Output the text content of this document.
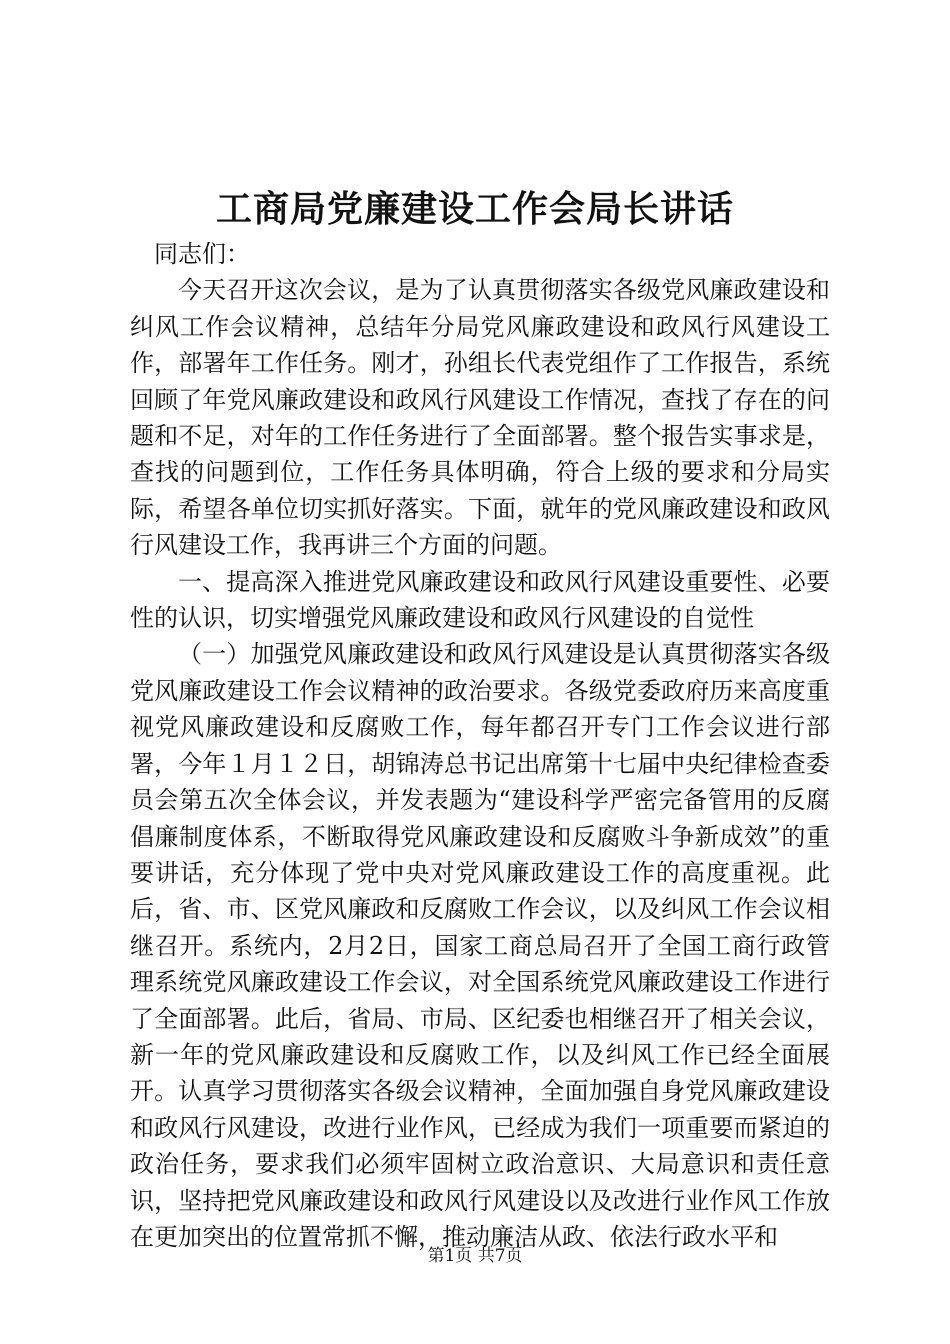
工商局党廉建设工作会局长讲话

同志们：

今天召开这次会议，是为了认真贯彻落实各级党风廉政建设和纠风工作会议精神，总结年分局党风廉政建设和政风行风建设工作，部署年工作任务。刚才，孙组长代表党组作了工作报告，系统回顾了年党风廉政建设和政风行风建设工作情况，查找了存在的问题和不足，对年的工作任务进行了全面部署。整个报告实事求是，查找的问题到位，工作任务具体明确，符合上级的要求和分局实际，希望各单位切实抓好落实。下面，就年的党风廉政建设和政风行风建设工作，我再讲三个方面的问题。

一、提高深入推进党风廉政建设和政风行风建设重要性、必要性的认识，切实增强党风廉政建设和政风行风建设的自觉性

（一）加强党风廉政建设和政风行风建设是认真贯彻落实各级党风廉政建设工作会议精神的政治要求。各级党委政府历来高度重视党风廉政建设和反腐败工作，每年都召开专门工作会议进行部署，今年１月１２日，胡锦涛总书记出席第十七届中央纪律检查委员会第五次全体会议，并发表题为“建设科学严密完备管用的反腐倡廉制度体系，不断取得党风廉政建设和反腐败斗争新成效”的重要讲话，充分体现了党中央对党风廉政建设工作的高度重视。此后，省、市、区党风廉政和反腐败工作会议，以及纠风工作会议相继召开。系统内，2月2日，国家工商总局召开了全国工商行政管理系统党风廉政建设工作会议，对全国系统党风廉政建设工作进行了全面部署。此后，省局、市局、区纪委也相继召开了相关会议，新一年的党风廉政建设和反腐败工作，以及纠风工作已经全面展开。认真学习贯彻落实各级会议精神，全面加强自身党风廉政建设和政风行风建设，改进行业作风，已经成为我们一项重要而紧迫的政治任务，要求我们必须牢固树立政治意识、大局意识和责任意识，坚持把党风廉政建设和政风行风建设以及改进行业作风工作放在更加突出的位置常抓不懈，推动廉洁从政、依法行政水平和

第1页 共7页
